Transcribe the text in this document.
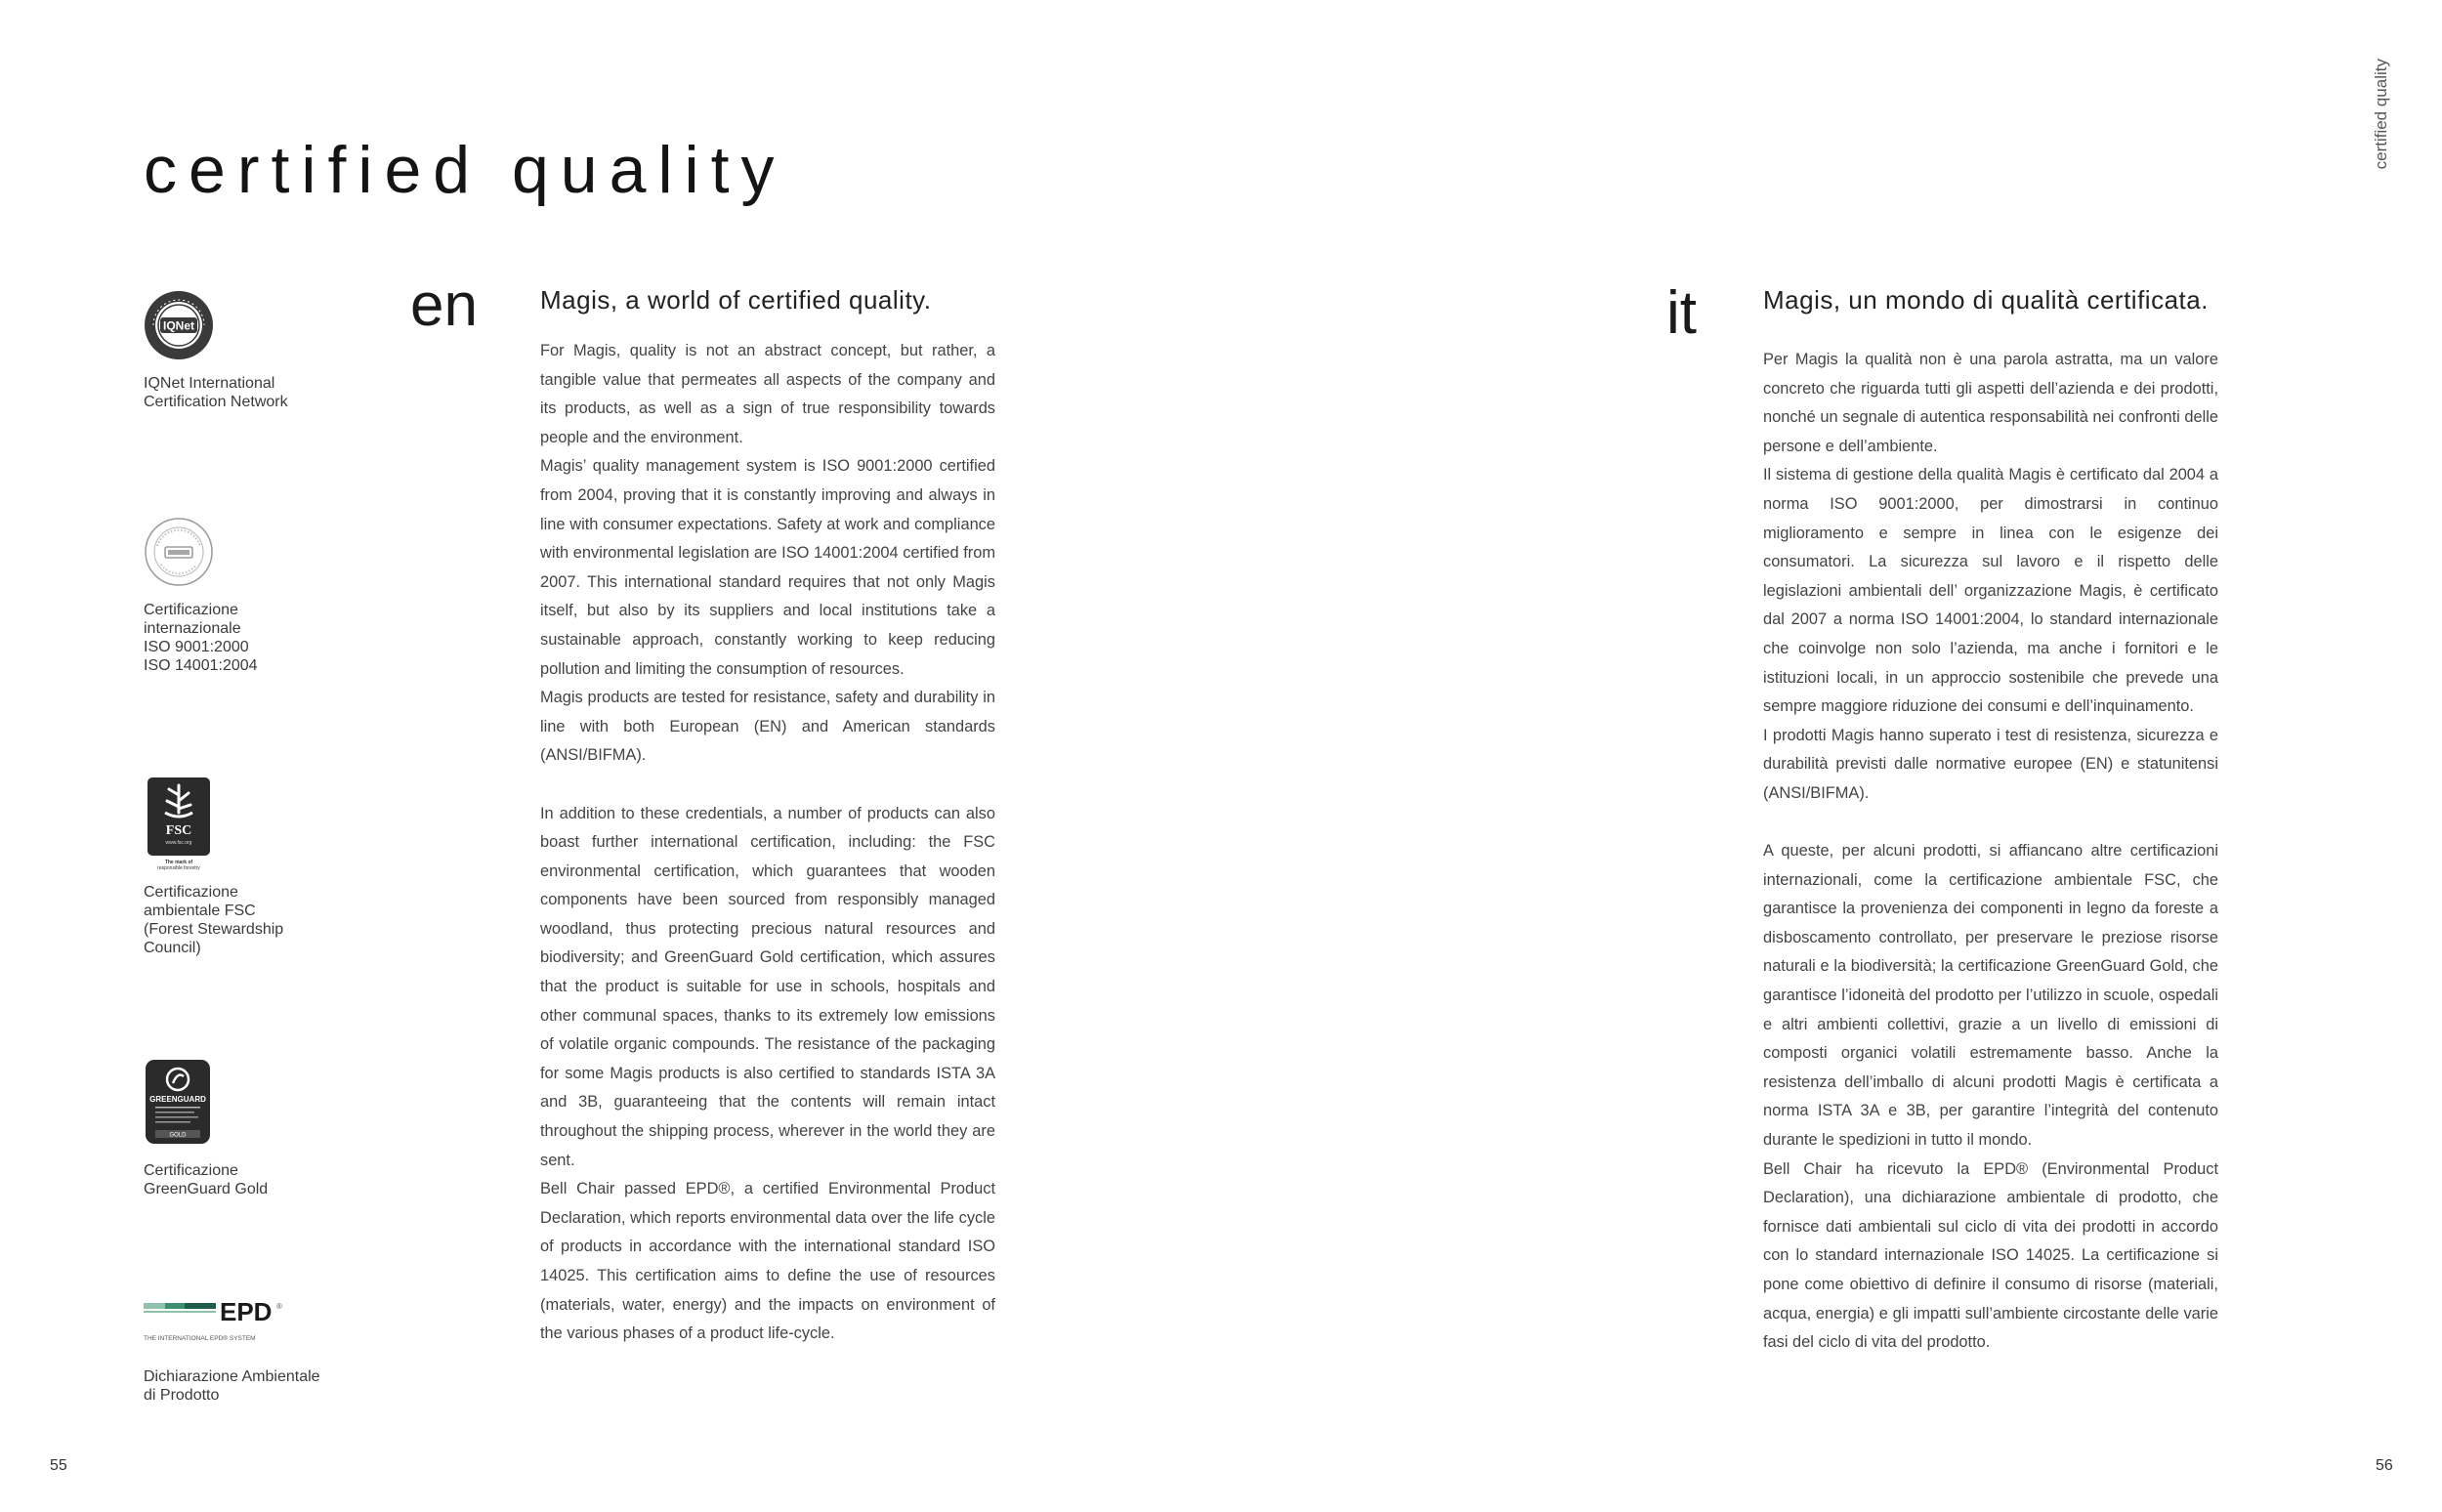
certified quality
certified quality
IQNet
IQNet International
Certification Network
Certificazione
internazionale
ISO 9001:2000
ISO 14001:2004
FSC
www.fsc.org
The mark of
responsible forestry
Certificazione
ambientale FSC
(Forest Stewardship
Council)
GREENGUARD
GOLD
Certificazione
GreenGuard Gold
EPD ®
THE INTERNATIONAL EPD® SYSTEM
Dichiarazione Ambientale
di Prodotto
en Magis, a world of certified quality.

For Magis, quality is not an abstract concept, but rather, a tangible value that permeates all aspects of the company and its products, as well as a sign of true responsibility towards people and the environment.

Magis’ quality management system is ISO 9001:2000 certified from 2004, proving that it is constantly improving and always in line with consumer expectations. Safety at work and compliance with environmental legislation are ISO 14001:2004 certified from 2007. This international standard requires that not only Magis itself, but also by its suppliers and local institutions take a sustainable approach, constantly working to keep reducing pollution and limiting the consumption of resources.

Magis products are tested for resistance, safety and durability in line with both European (EN) and American standards (ANSI/BIFMA).

In addition to these credentials, a number of products can also boast further international certification, including: the FSC environmental certification, which guarantees that wooden components have been sourced from responsibly managed woodland, thus protecting precious natural resources and biodiversity; and GreenGuard Gold certification, which assures that the product is suitable for use in schools, hospitals and other communal spaces, thanks to its extremely low emissions of volatile organic compounds. The resistance of the packaging for some Magis products is also certified to standards ISTA 3A and 3B, guaranteeing that the contents will remain intact throughout the shipping process, wherever in the world they are sent.

Bell Chair passed EPD®, a certified Environmental Product Declaration, which reports environmental data over the life cycle of products in accordance with the international standard ISO 14025. This certification aims to define the use of resources (materials, water, energy) and the impacts on environment of the various phases of a product life-cycle.

it	Magis, un mondo di qualità certificata.

Per Magis la qualità non è una parola astratta, ma un valore concreto che riguarda tutti gli aspetti dell’azienda e dei prodotti, nonché un segnale di autentica responsabilità nei confronti delle persone e dell’ambiente.

Il sistema di gestione della qualità Magis è certificato dal 2004 a norma ISO 9001:2000, per dimostrarsi in continuo miglioramento e sempre in linea con le esigenze dei consumatori. La sicurezza sul lavoro e il rispetto delle legislazioni ambientali dell’ organizzazione Magis, è certificato dal 2007 a norma ISO 14001:2004, lo standard internazionale che coinvolge non solo l’azienda, ma anche i fornitori e le istituzioni locali, in un approccio sostenibile che prevede una sempre maggiore riduzione dei consumi e dell’inquinamento.

I prodotti Magis hanno superato i test di resistenza, sicurezza e durabilità previsti dalle normative europee (EN) e statunitensi (ANSI/BIFMA).

A queste, per alcuni prodotti, si affiancano altre certificazioni internazionali, come la certificazione ambientale FSC, che garantisce la provenienza dei componenti in legno da foreste a disboscamento controllato, per preservare le preziose risorse naturali e la biodiversità; la certificazione GreenGuard Gold, che garantisce l’idoneità del prodotto per l’utilizzo in scuole, ospedali e altri ambienti collettivi, grazie a un livello di emissioni di composti organici volatili estremamente basso. Anche la resistenza dell’imballo di alcuni prodotti Magis è certificata a norma ISTA 3A e 3B, per garantire l’integrità del contenuto durante le spedizioni in tutto il mondo.

Bell Chair ha ricevuto la EPD® (Environmental Product Declaration), una dichiarazione ambientale di prodotto, che fornisce dati ambientali sul ciclo di vita dei prodotti in accordo con lo standard internazionale ISO 14025. La certificazione si pone come obiettivo di definire il consumo di risorse (materiali, acqua, energia) e gli impatti sull’ambiente circostante delle varie fasi del ciclo di vita del prodotto.

55	56
